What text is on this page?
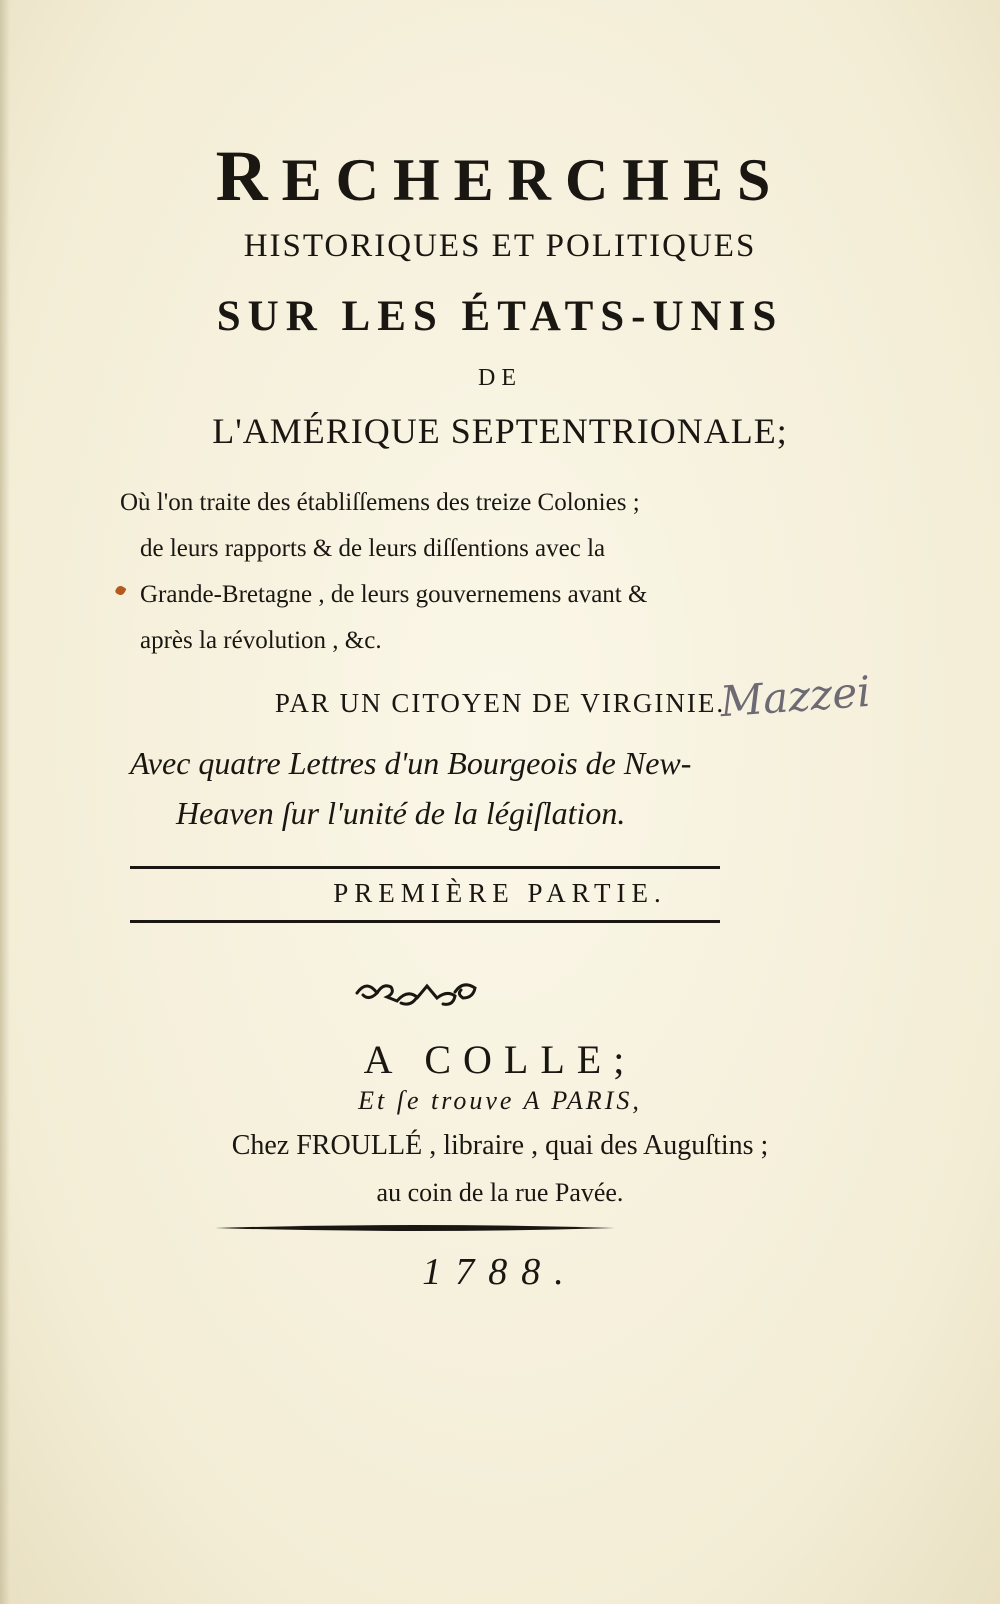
RECHERCHES
HISTORIQUES ET POLITIQUES
SUR LES ÉTATS-UNIS
DE
L'AMÉRIQUE SEPTENTRIONALE;
Où l'on traite des établiſſemens des treize Colonies ;
de leurs rapports & de leurs diſſentions avec la
Grande-Bretagne , de leurs gouvernemens avant &
après la révolution , &c.
PAR UN CITOYEN DE VIRGINIE.
Mazzei
Avec quatre Lettres d'un Bourgeois de New-
Heaven ſur l'unité de la légiſlation.
PREMIÈRE PARTIE.
A COLLE;
Et ſe trouve A PARIS,
Chez FROULLÉ , libraire , quai des Auguſtins ;
au coin de la rue Pavée.
1788.
